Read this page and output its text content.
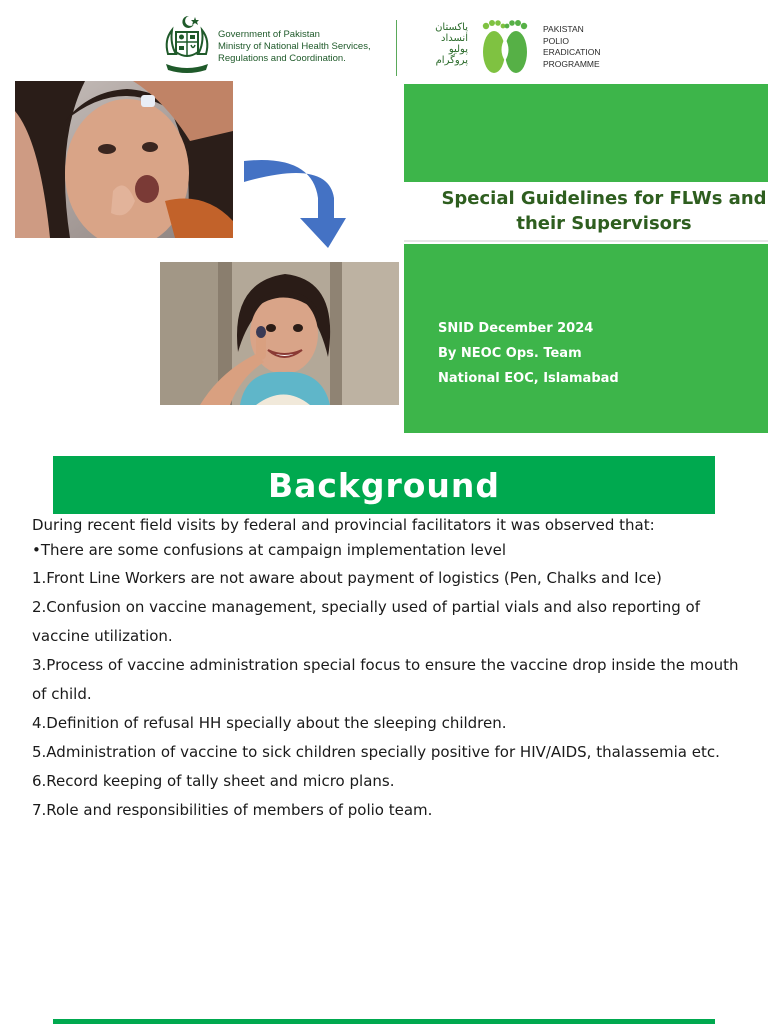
Government of Pakistan
Ministry of National Health Services,
Regulations and Coordination.
پاکستان
انسداد
پولیو
پروگرام
PAKISTAN
POLIO
ERADICATION
PROGRAMME
Special Guidelines for FLWs and
their Supervisors
SNID December 2024
By NEOC Ops. Team
National EOC, Islamabad
Background

During recent field visits by federal and provincial facilitators it was observed that:

•There are some confusions at campaign implementation level

1.Front Line Workers are not aware about payment of logistics (Pen, Chalks and Ice)

2.Confusion on vaccine management, specially used of partial vials and also reporting of vaccine utilization.

3.Process of vaccine administration special focus to ensure the vaccine drop inside the mouth of child.

4.Definition of refusal HH specially about the sleeping children.

5.Administration of vaccine to sick children specially positive for HIV/AIDS, thalassemia etc.

6.Record keeping of tally sheet and micro plans.

7.Role and responsibilities of members of polio team.
